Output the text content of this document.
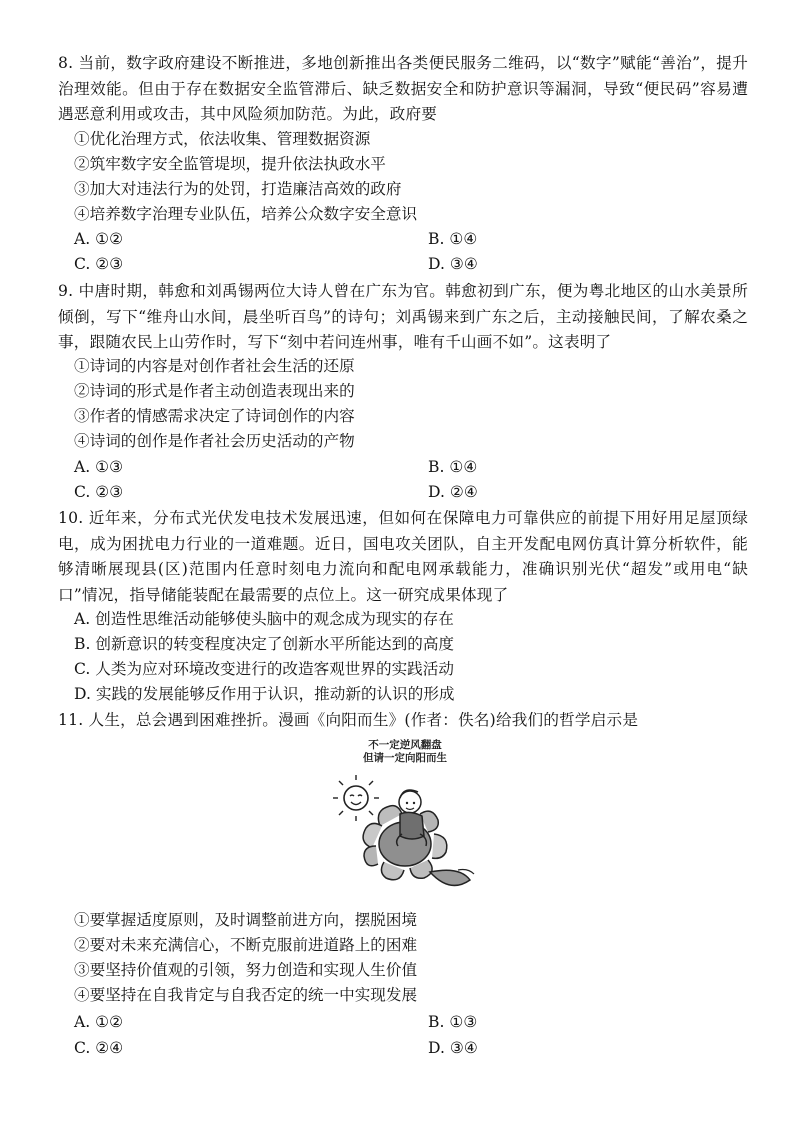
8. 当前，数字政府建设不断推进，多地创新推出各类便民服务二维码，以“数字”赋能“善治”，提升治理效能。但由于存在数据安全监管滞后、缺乏数据安全和防护意识等漏洞，导致“便民码”容易遭遇恶意利用或攻击，其中风险须加防范。为此，政府要
①优化治理方式，依法收集、管理数据资源
②筑牢数字安全监管堤坝，提升依法执政水平
③加大对违法行为的处罚，打造廉洁高效的政府
④培养数字治理专业队伍，培养公众数字安全意识
A. ①②	B. ①④
C. ②③	D. ③④
9. 中唐时期，韩愈和刘禹锡两位大诗人曾在广东为官。韩愈初到广东，便为粤北地区的山水美景所倾倒，写下“维舟山水间，晨坐听百鸟”的诗句；刘禹锡来到广东之后，主动接触民间，了解农桑之事，跟随农民上山劳作时，写下“刻中若问连州事，唯有千山画不如”。这表明了
①诗词的内容是对创作者社会生活的还原
②诗词的形式是作者主动创造表现出来的
③作者的情感需求决定了诗词创作的内容
④诗词的创作是作者社会历史活动的产物
A. ①③	B. ①④
C. ②③	D. ②④
10. 近年来，分布式光伏发电技术发展迅速，但如何在保障电力可靠供应的前提下用好用足屋顶绿电，成为困扰电力行业的一道难题。近日，国电攻关团队，自主开发配电网仿真计算分析软件，能够清晰展现县(区)范围内任意时刻电力流向和配电网承载能力，准确识别光伏“超发”或用电“缺口”情况，指导储能装配在最需要的点位上。这一研究成果体现了
A. 创造性思维活动能够使头脑中的观念成为现实的存在
B. 创新意识的转变程度决定了创新水平所能达到的高度
C. 人类为应对环境改变进行的改造客观世界的实践活动
D. 实践的发展能够反作用于认识，推动新的认识的形成
11. 人生，总会遇到困难挫折。漫画《向阳而生》(作者：佚名)给我们的哲学启示是
不一定逆风翻盘
但请一定向阳而生
①要掌握适度原则，及时调整前进方向，摆脱困境
②要对未来充满信心，不断克服前进道路上的困难
③要坚持价值观的引领，努力创造和实现人生价值
④要坚持在自我肯定与自我否定的统一中实现发展
A. ①②	B. ①③
C. ②④	D. ③④
